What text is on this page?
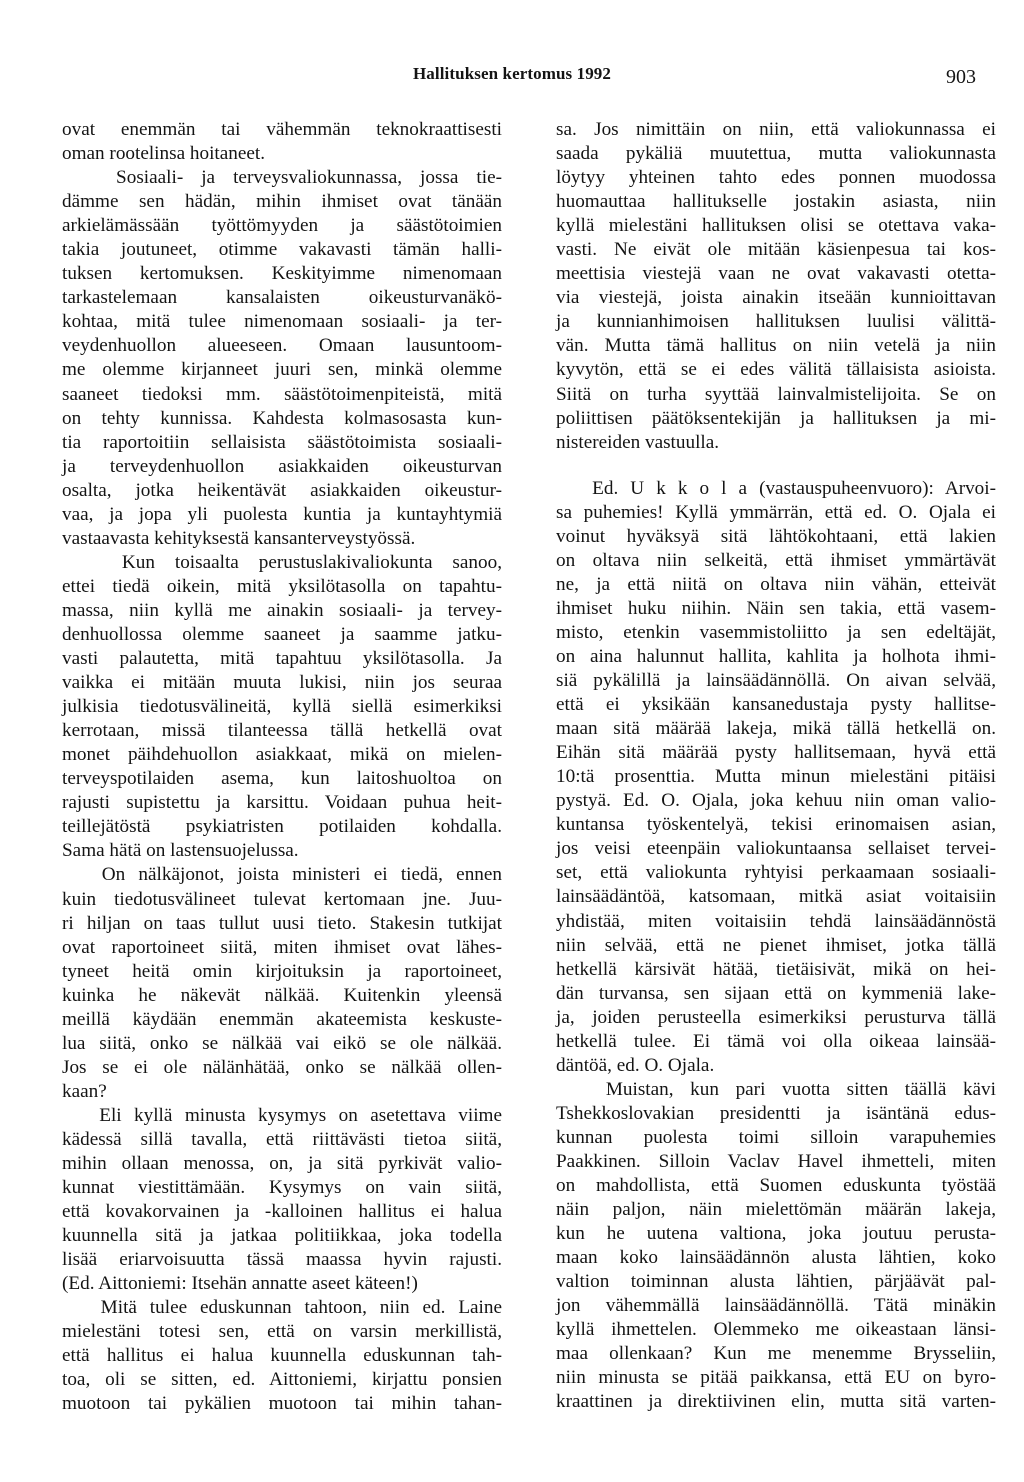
Hallituksen kertomus 1992	903
ovat enemmän tai vähemmän teknokraattisesti
oman rootelinsa hoitaneet.
Sosiaali- ja terveysvaliokunnassa, jossa tie-
dämme sen hädän, mihin ihmiset ovat tänään
arkielämässään työttömyyden ja säästötoimien
takia joutuneet, otimme vakavasti tämän halli-
tuksen kertomuksen. Keskityimme nimenomaan
tarkastelemaan kansalaisten oikeusturvanäkö-
kohtaa, mitä tulee nimenomaan sosiaali- ja ter-
veydenhuollon alueeseen. Omaan lausuntoom-
me olemme kirjanneet juuri sen, minkä olemme
saaneet tiedoksi mm. säästötoimenpiteistä, mitä
on tehty kunnissa. Kahdesta kolmasosasta kun-
tia raportoitiin sellaisista säästötoimista sosiaali-
ja terveydenhuollon asiakkaiden oikeusturvan
osalta, jotka heikentävät asiakkaiden oikeustur-
vaa, ja jopa yli puolesta kuntia ja kuntayhtymiä
vastaavasta kehityksestä kansanterveystyössä.
Kun toisaalta perustuslakivaliokunta sanoo,
ettei tiedä oikein, mitä yksilötasolla on tapahtu-
massa, niin kyllä me ainakin sosiaali- ja tervey-
denhuollossa olemme saaneet ja saamme jatku-
vasti palautetta, mitä tapahtuu yksilötasolla. Ja
vaikka ei mitään muuta lukisi, niin jos seuraa
julkisia tiedotusvälineitä, kyllä siellä esimerkiksi
kerrotaan, missä tilanteessa tällä hetkellä ovat
monet päihdehuollon asiakkaat, mikä on mielen-
terveyspotilaiden asema, kun laitoshuoltoa on
rajusti supistettu ja karsittu. Voidaan puhua heit-
teillejätöstä psykiatristen potilaiden kohdalla.
Sama hätä on lastensuojelussa.
On nälkäjonot, joista ministeri ei tiedä, ennen
kuin tiedotusvälineet tulevat kertomaan jne. Juu-
ri hiljan on taas tullut uusi tieto. Stakesin tutkijat
ovat raportoineet siitä, miten ihmiset ovat lähes-
tyneet heitä omin kirjoituksin ja raportoineet,
kuinka he näkevät nälkää. Kuitenkin yleensä
meillä käydään enemmän akateemista keskuste-
lua siitä, onko se nälkää vai eikö se ole nälkää.
Jos se ei ole nälänhätää, onko se nälkää ollen-
kaan?
Eli kyllä minusta kysymys on asetettava viime
kädessä sillä tavalla, että riittävästi tietoa siitä,
mihin ollaan menossa, on, ja sitä pyrkivät valio-
kunnat viestittämään. Kysymys on vain siitä,
että kovakorvainen ja -kalloinen hallitus ei halua
kuunnella sitä ja jatkaa politiikkaa, joka todella
lisää eriarvoisuutta tässä maassa hyvin rajusti.
(Ed. Aittoniemi: Itsehän annatte aseet käteen!)
Mitä tulee eduskunnan tahtoon, niin ed. Laine
mielestäni totesi sen, että on varsin merkillistä,
että hallitus ei halua kuunnella eduskunnan tah-
toa, oli se sitten, ed. Aittoniemi, kirjattu ponsien
muotoon tai pykälien muotoon tai mihin tahan-
sa. Jos nimittäin on niin, että valiokunnassa ei
saada pykäliä muutettua, mutta valiokunnasta
löytyy yhteinen tahto edes ponnen muodossa
huomauttaa hallitukselle jostakin asiasta, niin
kyllä mielestäni hallituksen olisi se otettava vaka-
vasti. Ne eivät ole mitään käsienpesua tai kos-
meettisia viestejä vaan ne ovat vakavasti otetta-
via viestejä, joista ainakin itseään kunnioittavan
ja kunnianhimoisen hallituksen luulisi välittä-
vän. Mutta tämä hallitus on niin vetelä ja niin
kyvytön, että se ei edes välitä tällaisista asioista.
Siitä on turha syyttää lainvalmistelijoita. Se on
poliittisen päätöksentekijän ja hallituksen ja mi-
nistereiden vastuulla.
Ed. U k k o l a (vastauspuheenvuoro): Arvoi-
sa puhemies! Kyllä ymmärrän, että ed. O. Ojala ei
voinut hyväksyä sitä lähtökohtaani, että lakien
on oltava niin selkeitä, että ihmiset ymmärtävät
ne, ja että niitä on oltava niin vähän, etteivät
ihmiset huku niihin. Näin sen takia, että vasem-
misto, etenkin vasemmistoliitto ja sen edeltäjät,
on aina halunnut hallita, kahlita ja holhota ihmi-
siä pykälillä ja lainsäädännöllä. On aivan selvää,
että ei yksikään kansanedustaja pysty hallitse-
maan sitä määrää lakeja, mikä tällä hetkellä on.
Eihän sitä määrää pysty hallitsemaan, hyvä että
10:tä prosenttia. Mutta minun mielestäni pitäisi
pystyä. Ed. O. Ojala, joka kehuu niin oman valio-
kuntansa työskentelyä, tekisi erinomaisen asian,
jos veisi eteenpäin valiokuntaansa sellaiset tervei-
set, että valiokunta ryhtyisi perkaamaan sosiaali-
lainsäädäntöä, katsomaan, mitkä asiat voitaisiin
yhdistää, miten voitaisiin tehdä lainsäädännöstä
niin selvää, että ne pienet ihmiset, jotka tällä
hetkellä kärsivät hätää, tietäisivät, mikä on hei-
dän turvansa, sen sijaan että on kymmeniä lake-
ja, joiden perusteella esimerkiksi perusturva tällä
hetkellä tulee. Ei tämä voi olla oikeaa lainsää-
däntöä, ed. O. Ojala.
Muistan, kun pari vuotta sitten täällä kävi
Tshekkoslovakian presidentti ja isäntänä edus-
kunnan puolesta toimi silloin varapuhemies
Paakkinen. Silloin Vaclav Havel ihmetteli, miten
on mahdollista, että Suomen eduskunta työstää
näin paljon, näin mielettömän määrän lakeja,
kun he uutena valtiona, joka joutuu perusta-
maan koko lainsäädännön alusta lähtien, koko
valtion toiminnan alusta lähtien, pärjäävät pal-
jon vähemmällä lainsäädännöllä. Tätä minäkin
kyllä ihmettelen. Olemmeko me oikeastaan länsi-
maa ollenkaan? Kun me menemme Brysseliin,
niin minusta se pitää paikkansa, että EU on byro-
kraattinen ja direktiivinen elin, mutta sitä varten-
